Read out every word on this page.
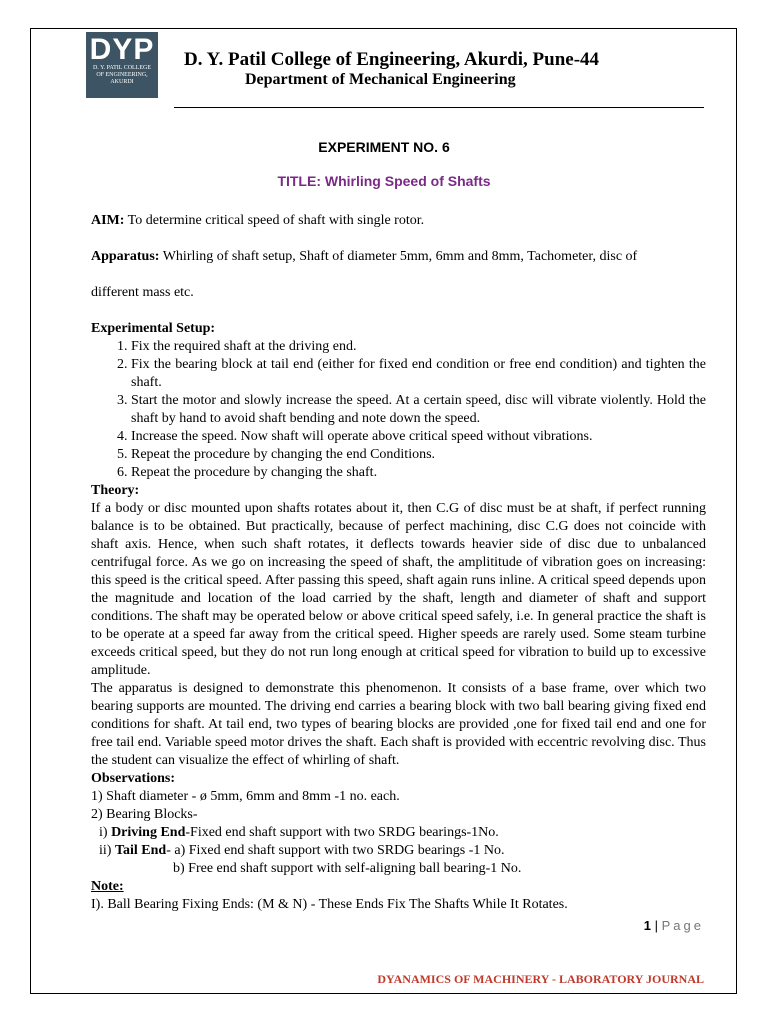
DYP
D. Y. PATIL COLLEGE
OF ENGINEERING,
AKURDI
D. Y. Patil College of Engineering, Akurdi, Pune-44
Department of Mechanical Engineering
EXPERIMENT NO. 6
TITLE: Whirling Speed of Shafts
AIM: To determine critical speed of shaft with single rotor.
Apparatus: Whirling of shaft setup, Shaft of diameter 5mm, 6mm and 8mm, Tachometer, disc of
different mass etc.

Experimental Setup:

1. Fix the required shaft at the driving end.
2. Fix the bearing block at tail end (either for fixed end condition or free end condition) and tighten the shaft.
3. Start the motor and slowly increase the speed. At a certain speed, disc will vibrate violently. Hold the shaft by hand to avoid shaft bending and note down the speed.
4. Increase the speed. Now shaft will operate above critical speed without vibrations.
5. Repeat the procedure by changing the end Conditions.
6. Repeat the procedure by changing the shaft.

Theory:

If a body or disc mounted upon shafts rotates about it, then C.G of disc must be at shaft, if perfect running balance is to be obtained. But practically, because of perfect machining, disc C.G does not coincide with shaft axis. Hence, when such shaft rotates, it deflects towards heavier side of disc due to unbalanced centrifugal force. As we go on increasing the speed of shaft, the amplititude of vibration goes on increasing: this speed is the critical speed. After passing this speed, shaft again runs inline. A critical speed depends upon the magnitude and location of the load carried by the shaft, length and diameter of shaft and support conditions. The shaft may be operated below or above critical speed safely, i.e. In general practice the shaft is to be operate at a speed far away from the critical speed. Higher speeds are rarely used. Some steam turbine exceeds critical speed, but they do not run long enough at critical speed for vibration to build up to excessive amplitude.

The apparatus is designed to demonstrate this phenomenon. It consists of a base frame, over which two bearing supports are mounted. The driving end carries a bearing block with two ball bearing giving fixed end conditions for shaft. At tail end, two types of bearing blocks are provided ,one for fixed tail end and one for free tail end. Variable speed motor drives the shaft. Each shaft is provided with eccentric revolving disc. Thus the student can visualize the effect of whirling of shaft.

Observations:

1) Shaft diameter - ø 5mm, 6mm and 8mm -1 no. each.

2) Bearing Blocks-

i) Driving End-Fixed end shaft support with two SRDG bearings-1No.

ii) Tail End- a) Fixed end shaft support with two SRDG bearings -1 No.

b) Free end shaft support with self-aligning ball bearing-1 No.

Note:

I). Ball Bearing Fixing Ends: (M & N) - These Ends Fix The Shafts While It Rotates.

1 | Page
DYANAMICS OF MACHINERY - LABORATORY JOURNAL
